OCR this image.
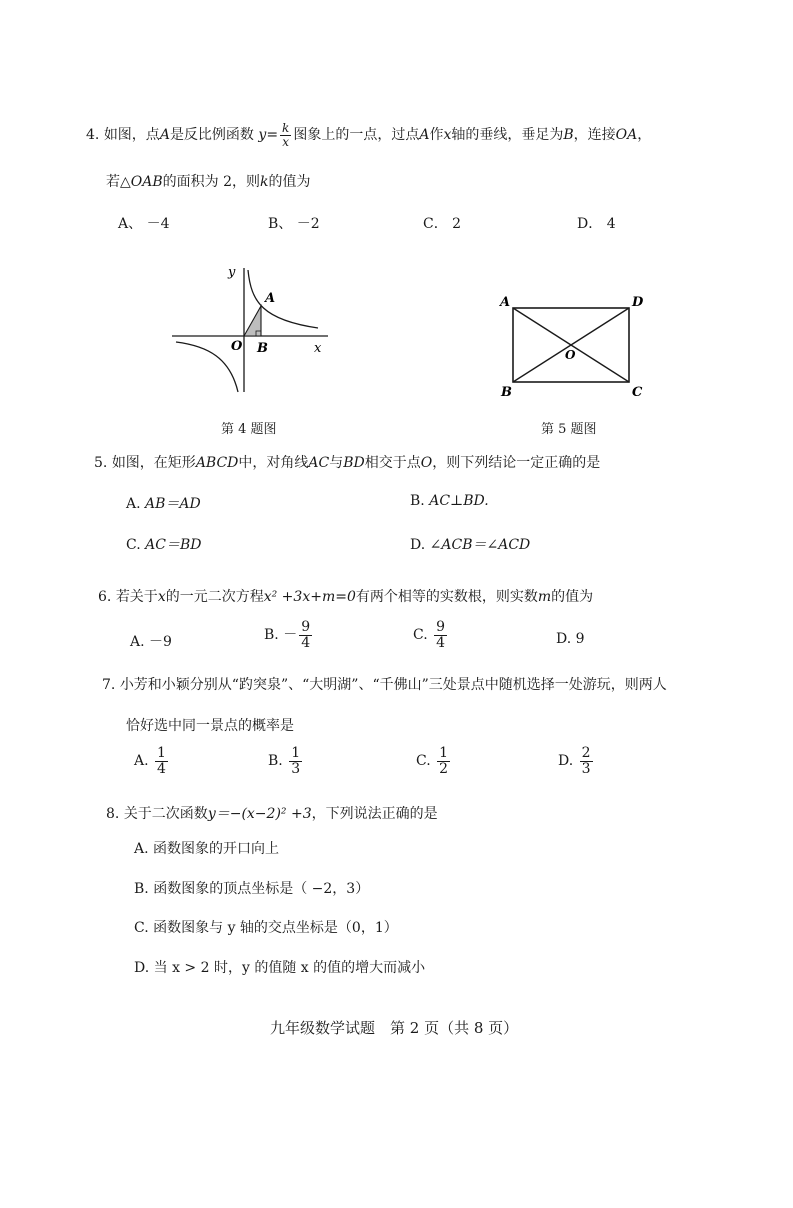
4. 如图，点A是反比例函数 $y= \frac{k}{x}$ 图象上的一点，过点A作x轴的垂线，垂足为B，连接OA，
若△OAB的面积为 2，则k的值为
A、 －4	B、 －2	C． 2	D． 4
y
x
O
A
B
第 4 题图
A	D
B	C
O
第 5 题图
5. 如图，在矩形ABCD中，对角线AC与BD相交于点O，则下列结论一定正确的是
A. AB＝AD	B. AC⊥BD.
C. AC＝BD	D. ∠ACB＝∠ACD
6. 若关于x的一元二次方程x² +3x+m=0有两个相等的实数根，则实数m的值为
A. －9	B. － $\frac{9}{4}$	C. $\frac{9}{4}$	D. 9
7. 小芳和小颖分别从“趵突泉”、“大明湖”、“千佛山”三处景点中随机选择一处游玩，则两人
恰好选中同一景点的概率是
A. $\frac{1}{4}$	B. $\frac{1}{3}$	C. $\frac{1}{2}$	D. $\frac{2}{3}$
8. 关于二次函数y＝−(x−2)² +3，下列说法正确的是
A. 函数图象的开口向上
B. 函数图象的顶点坐标是（ −2，3）
C. 函数图象与 y 轴的交点坐标是（0，1）
D. 当 x > 2 时，y 的值随 x 的值的增大而减小
九年级数学试题　第 2 页（共 8 页）
